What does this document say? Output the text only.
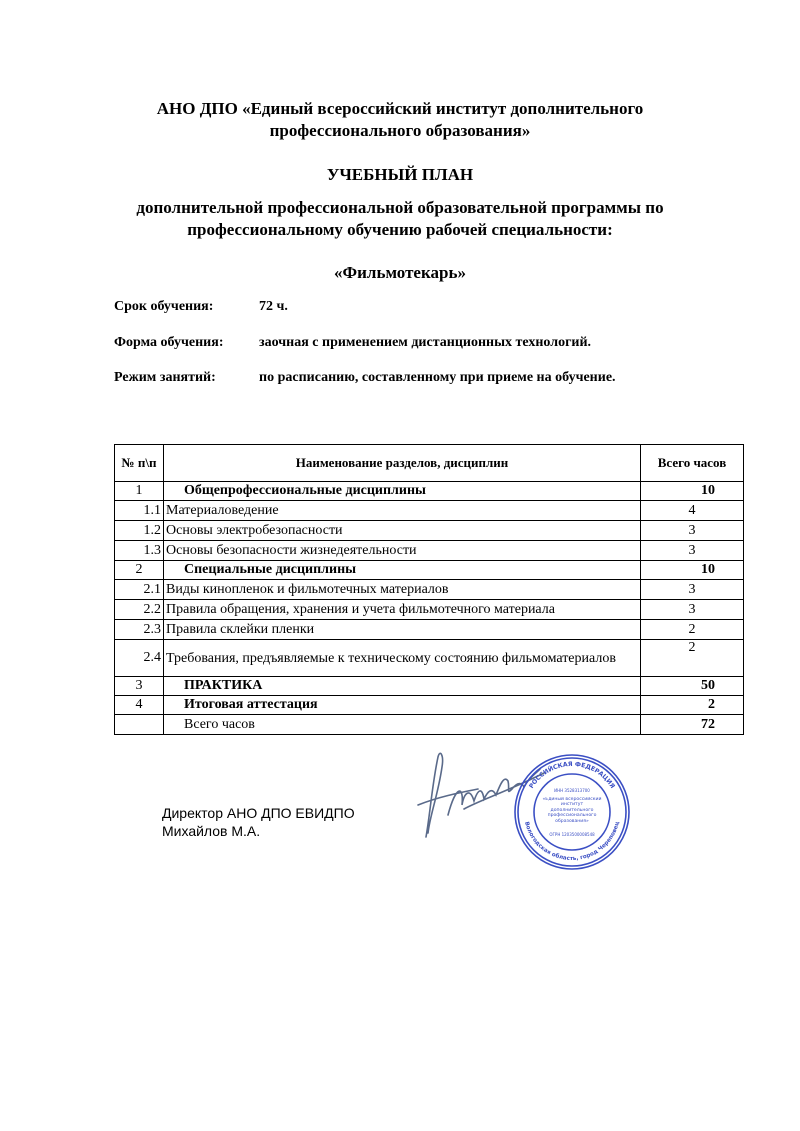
АНО ДПО «Единый всероссийский институт дополнительного
профессионального образования»
УЧЕБНЫЙ ПЛАН
дополнительной профессиональной образовательной программы по
профессиональному обучению рабочей специальности:
«Фильмотекарь»
Срок обучения:	72 ч.
Форма обучения:	заочная с применением дистанционных технологий.
Режим занятий:	по расписанию, составленному при приеме на обучение.
№ п\п	Наименование разделов, дисциплин	Всего часов
1	Общепрофессиональные дисциплины	10
1.1	Материаловедение	4
1.2	Основы электробезопасности	3
1.3	Основы безопасности жизнедеятельности	3
2	Специальные дисциплины	10
2.1	Виды кинопленок и фильмотечных материалов	3
2.2	Правила обращения, хранения и учета фильмотечного материала	3
2.3	Правила склейки пленки	2
2.4	Требования, предъявляемые к техническому состоянию фильмоматериалов	2
3	ПРАКТИКА	50
4	Итоговая аттестация	2
	Всего часов	72
Директор АНО ДПО ЕВИДПО
Михайлов М.А.
РОССИЙСКАЯ ФЕДЕРАЦИЯ
Вологодская область, город Череповец
ИНН 3528313700
ОГРН 1203500008548
«Единый всероссийский институт дополнительного профессионального образования»
